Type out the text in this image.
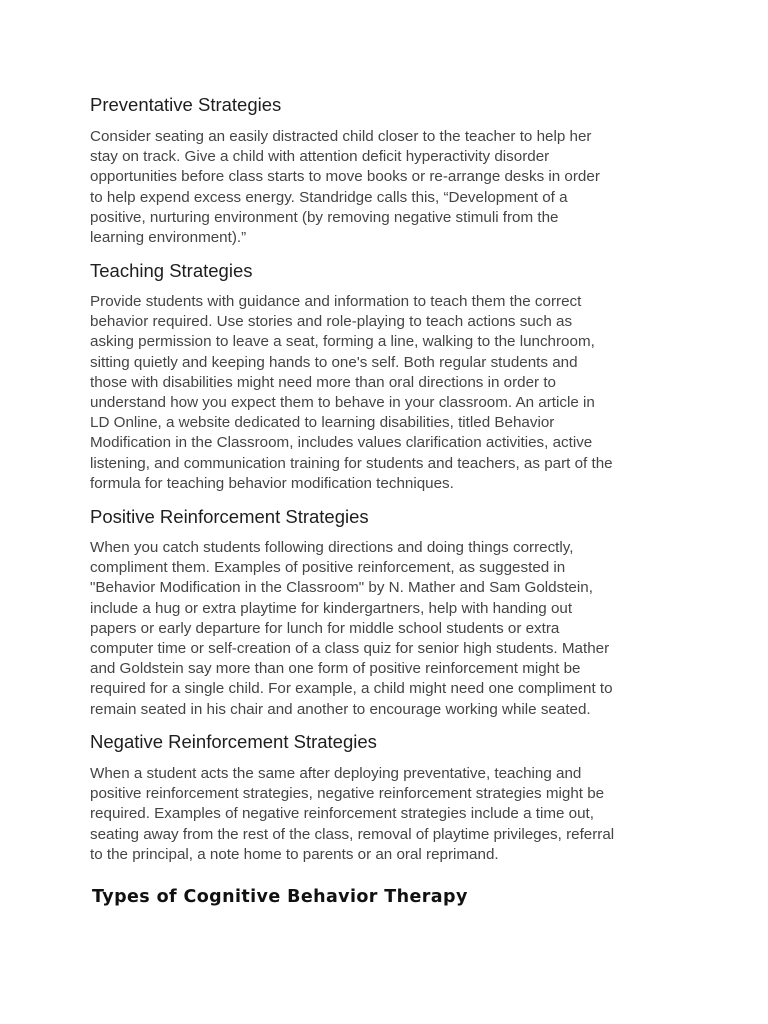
Preventative Strategies
Consider seating an easily distracted child closer to the teacher to help her
stay on track. Give a child with attention deficit hyperactivity disorder
opportunities before class starts to move books or re-arrange desks in order
to help expend excess energy. Standridge calls this, “Development of a
positive, nurturing environment (by removing negative stimuli from the
learning environment).”
Teaching Strategies
Provide students with guidance and information to teach them the correct
behavior required. Use stories and role-playing to teach actions such as
asking permission to leave a seat, forming a line, walking to the lunchroom,
sitting quietly and keeping hands to one's self. Both regular students and
those with disabilities might need more than oral directions in order to
understand how you expect them to behave in your classroom. An article in
LD Online, a website dedicated to learning disabilities, titled Behavior
Modification in the Classroom, includes values clarification activities, active
listening, and communication training for students and teachers, as part of the
formula for teaching behavior modification techniques.
Positive Reinforcement Strategies
When you catch students following directions and doing things correctly,
compliment them. Examples of positive reinforcement, as suggested in
"Behavior Modification in the Classroom" by N. Mather and Sam Goldstein,
include a hug or extra playtime for kindergartners, help with handing out
papers or early departure for lunch for middle school students or extra
computer time or self-creation of a class quiz for senior high students. Mather
and Goldstein say more than one form of positive reinforcement might be
required for a single child. For example, a child might need one compliment to
remain seated in his chair and another to encourage working while seated.
Negative Reinforcement Strategies
When a student acts the same after deploying preventative, teaching and
positive reinforcement strategies, negative reinforcement strategies might be
required. Examples of negative reinforcement strategies include a time out,
seating away from the rest of the class, removal of playtime privileges, referral
to the principal, a note home to parents or an oral reprimand.
Types of Cognitive Behavior Therapy
